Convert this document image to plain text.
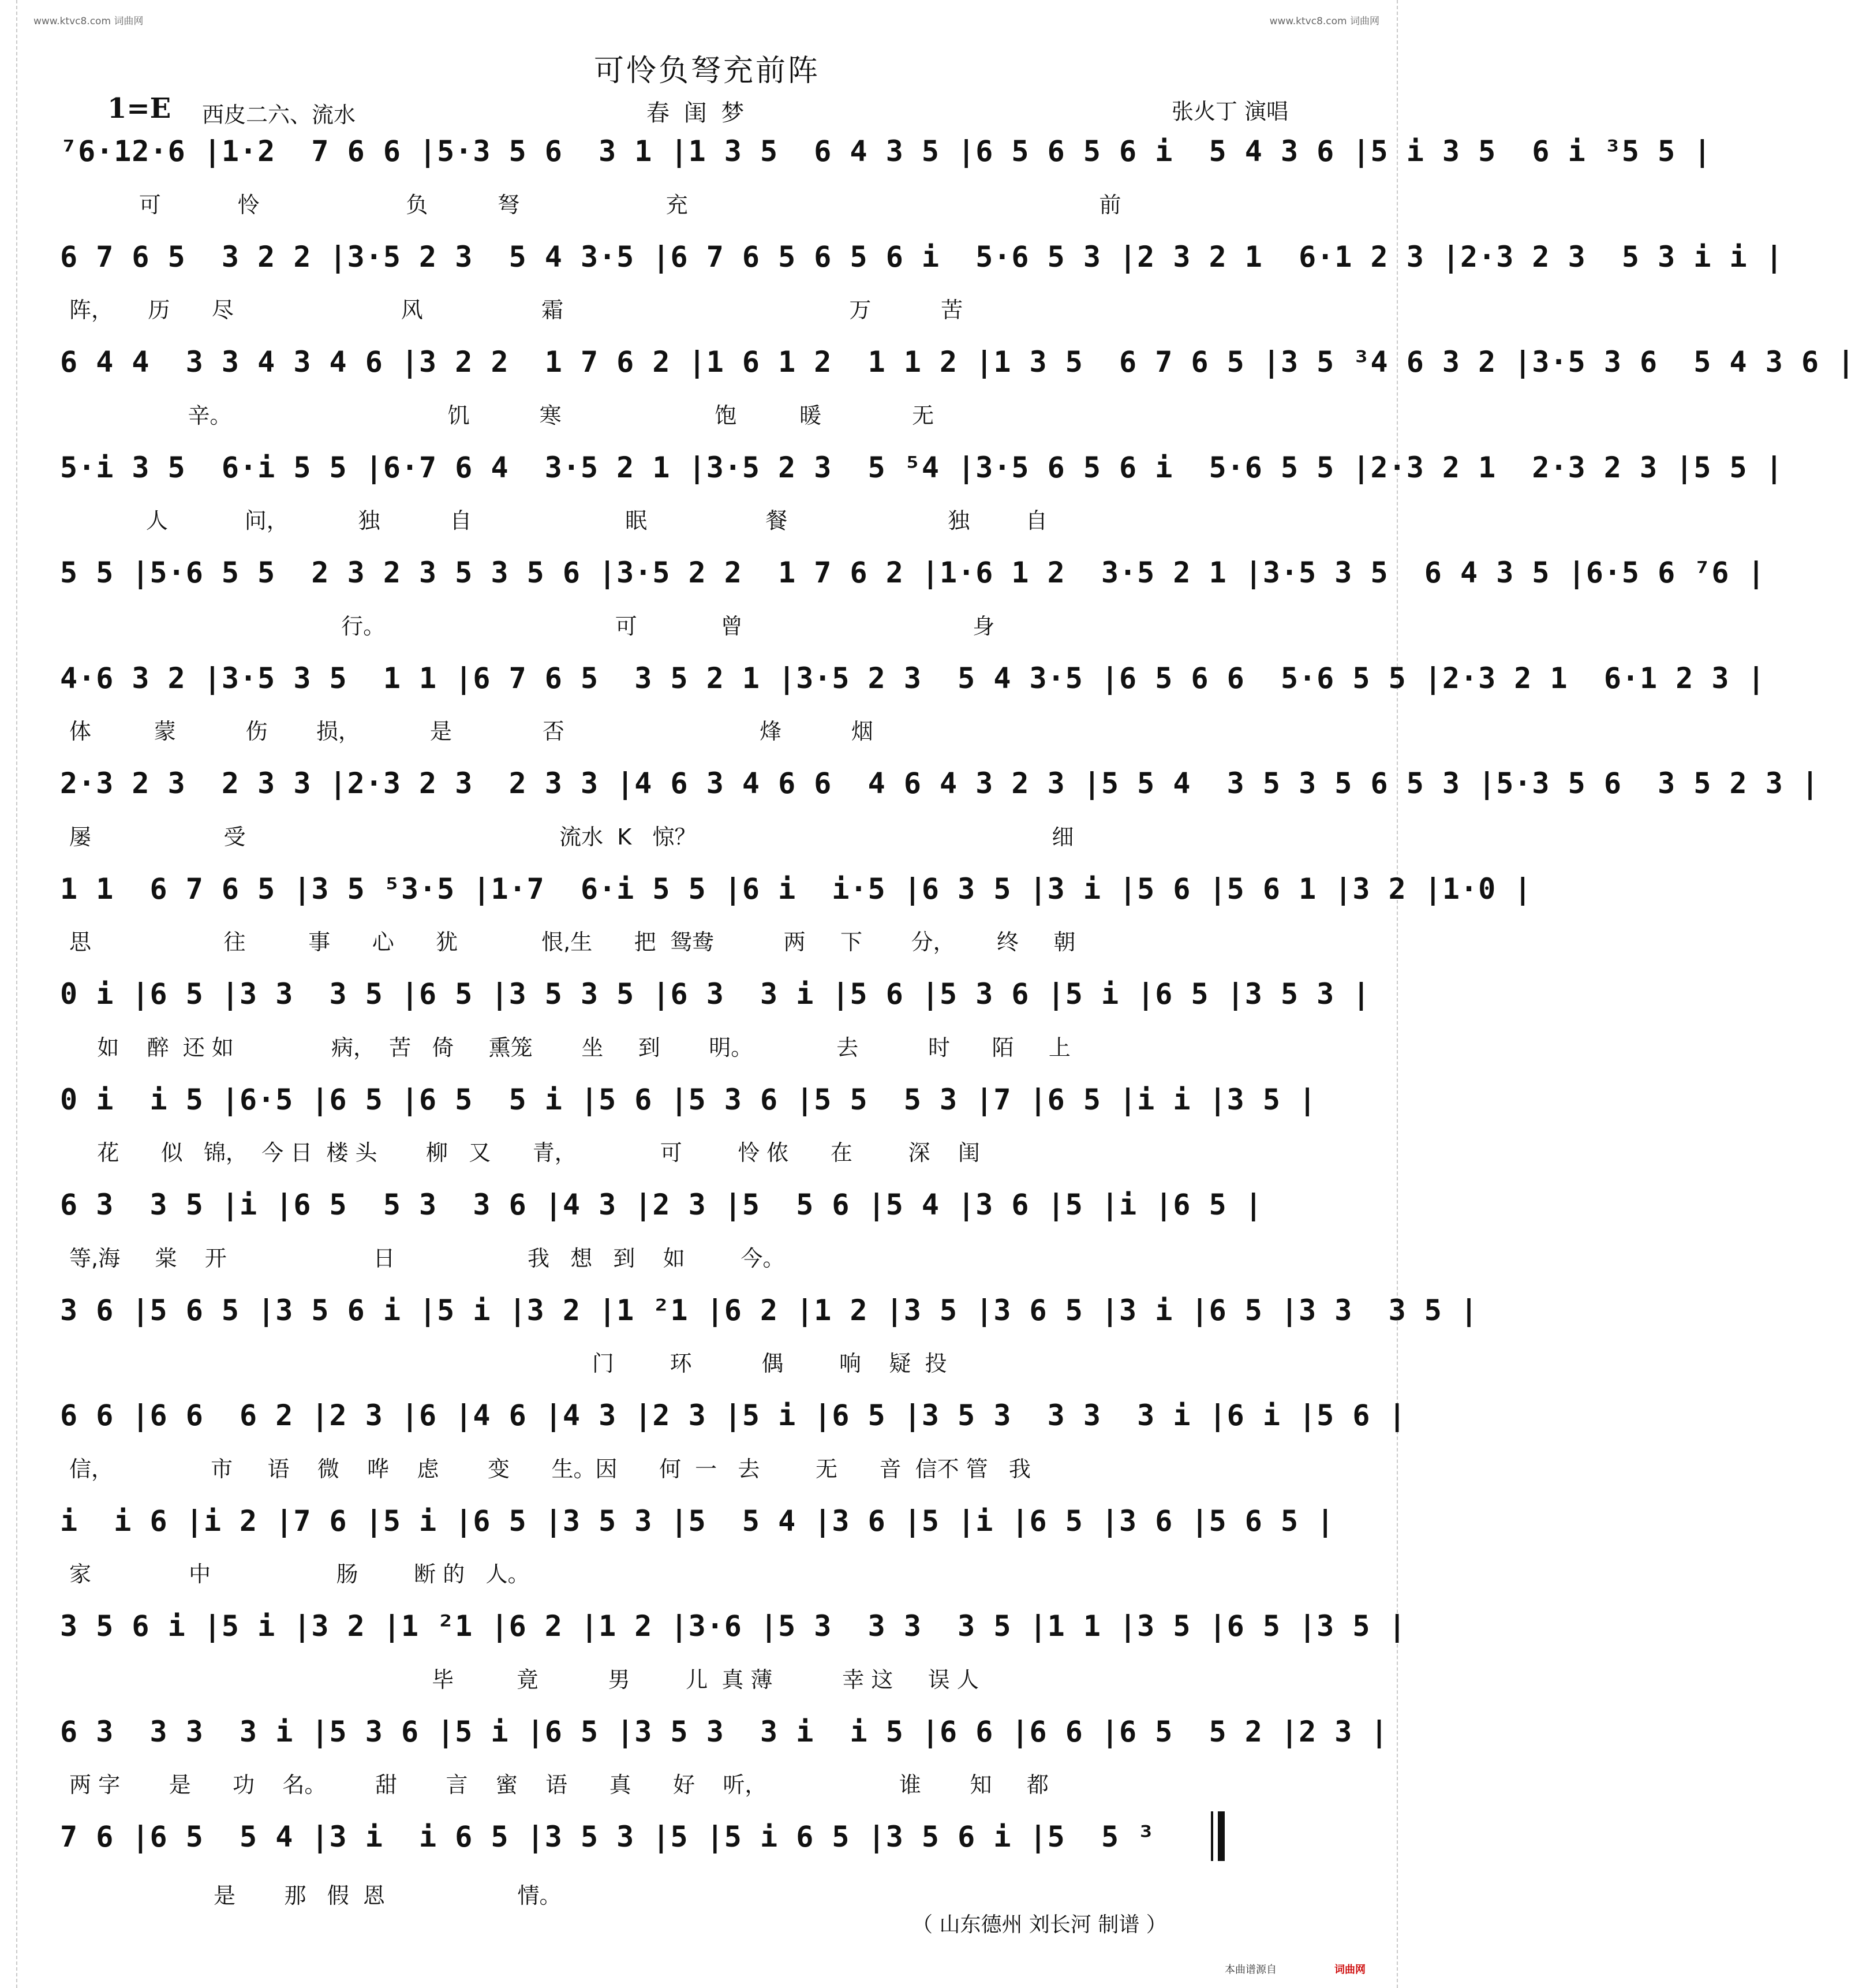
www.ktvc8.com 词曲网	www.ktvc8.com 词曲网
可怜负弩充前阵
1=E 西皮二六、流水	春 闺 梦	张火丁 演唱
⁷6·12·6 |1·2  7 6 6 |5·3 5 6  3 1 |1 3 5  6 4 3 5 |6 5 6 5 6 i  5 4 3 6 |5 i 3 5  6 i ³5 5 |
可           怜                     负          弩                     充                                                           前
6 7 6 5  3 2 2 |3·5 2 3  5 4 3·5 |6 7 6 5 6 5 6 i  5·6 5 3 |2 3 2 1  6·1 2 3 |2·3 2 3  5 3 i i |
阵，     历      尽                        风                 霜                                         万          苦
6 4 4  3 3 4 3 4 6 |3 2 2  1 7 6 2 |1 6 1 2  1 1 2 |1 3 5  6 7 6 5 |3 5 ³4 6 3 2 |3·5 3 6  5 4 3 6 |
辛。                               饥          寒                      饱         暖             无
5·i 3 5  6·i 5 5 |6·7 6 4  3·5 2 1 |3·5 2 3  5 ⁵4 |3·5 6 5 6 i  5·6 5 5 |2·3 2 1  2·3 2 3 |5 5 |
人           问，          独          自                      眠                 餐                       独        自
5 5 |5·6 5 5  2 3 2 3 5 3 5 6 |3·5 2 2  1 7 6 2 |1·6 1 2  3·5 2 1 |3·5 3 5  6 4 3 5 |6·5 6 ⁷6 |
行。                                 可            曾                                 身
4·6 3 2 |3·5 3 5  1 1 |6 7 6 5  3 5 2 1 |3·5 2 3  5 4 3·5 |6 5 6 6  5·6 5 5 |2·3 2 1  6·1 2 3 |
体         蒙          伤       损，          是             否                            烽          烟
2·3 2 3  2 3 3 |2·3 2 3  2 3 3 |4 6 3 4 6 6  4 6 4 3 2 3 |5 5 4  3 5 3 5 6 5 3 |5·3 5 6  3 5 2 3 |
屡                   受                                             流水  K   惊？                                                   细
1 1  6 7 6 5 |3 5 ⁵3·5 |1·7  6·i 5 5 |6 i  i·5 |6 3 5 |3 i |5 6 |5 6 1 |3 2 |1·0 |
思                   往         事      心      犹            恨,生      把  鸳鸯          两     下       分，      终     朝
0 i |6 5 |3 3  3 5 |6 5 |3 5 3 5 |6 3  3 i |5 6 |5 3 6 |5 i |6 5 |3 5 3 |
如    醉  还 如              病，  苦   倚     熏笼       坐     到       明。            去          时      陌     上
0 i  i 5 |6·5 |6 5 |6 5  5 i |5 6 |5 3 6 |5 5  5 3 |7 |6 5 |i i |3 5 |
花      似   锦，  今 日  楼 头       柳   又      青，            可        怜 侬      在        深    闺
6 3  3 5 |i |6 5  5 3  3 6 |4 3 |2 3 |5  5 6 |5 4 |3 6 |5 |i |6 5 |
等,海     棠    开                     日                   我   想   到    如        今。
3 6 |5 6 5 |3 5 6 i |5 i |3 2 |1 ²1 |6 2 |1 2 |3 5 |3 6 5 |3 i |6 5 |3 3  3 5 |
门        环          偶        响    疑  投
6 6 |6 6  6 2 |2 3 |6 |4 6 |4 3 |2 3 |5 i |6 5 |3 5 3  3 3  3 i |6 i |5 6 |
信，              市     语    微    哗    虑       变      生。因      何  一   去        无      音  信不 管   我
i  i 6 |i 2 |7 6 |5 i |6 5 |3 5 3 |5  5 4 |3 6 |5 |i |6 5 |3 6 |5 6 5 |
家              中                  肠        断 的   人。
3 5 6 i |5 i |3 2 |1 ²1 |6 2 |1 2 |3·6 |5 3  3 3  3 5 |1 1 |3 5 |6 5 |3 5 |
毕         竟          男        儿  真 薄          幸 这     误 人
6 3  3 3  3 i |5 3 6 |5 i |6 5 |3 5 3  3 i  i 5 |6 6 |6 6 |6 5  5 2 |2 3 |
两 字       是      功    名。       甜       言    蜜    语      真      好    听，                   谁       知     都
7 6 |6 5  5 4 |3 i  i 6 5 |3 5 3 |5 |5 i 6 5 |3 5 6 i |5  5 ³
是       那   假  恩                   情。
（ 山东德州 刘长河 制谱 ）
本曲谱源自	词曲网
